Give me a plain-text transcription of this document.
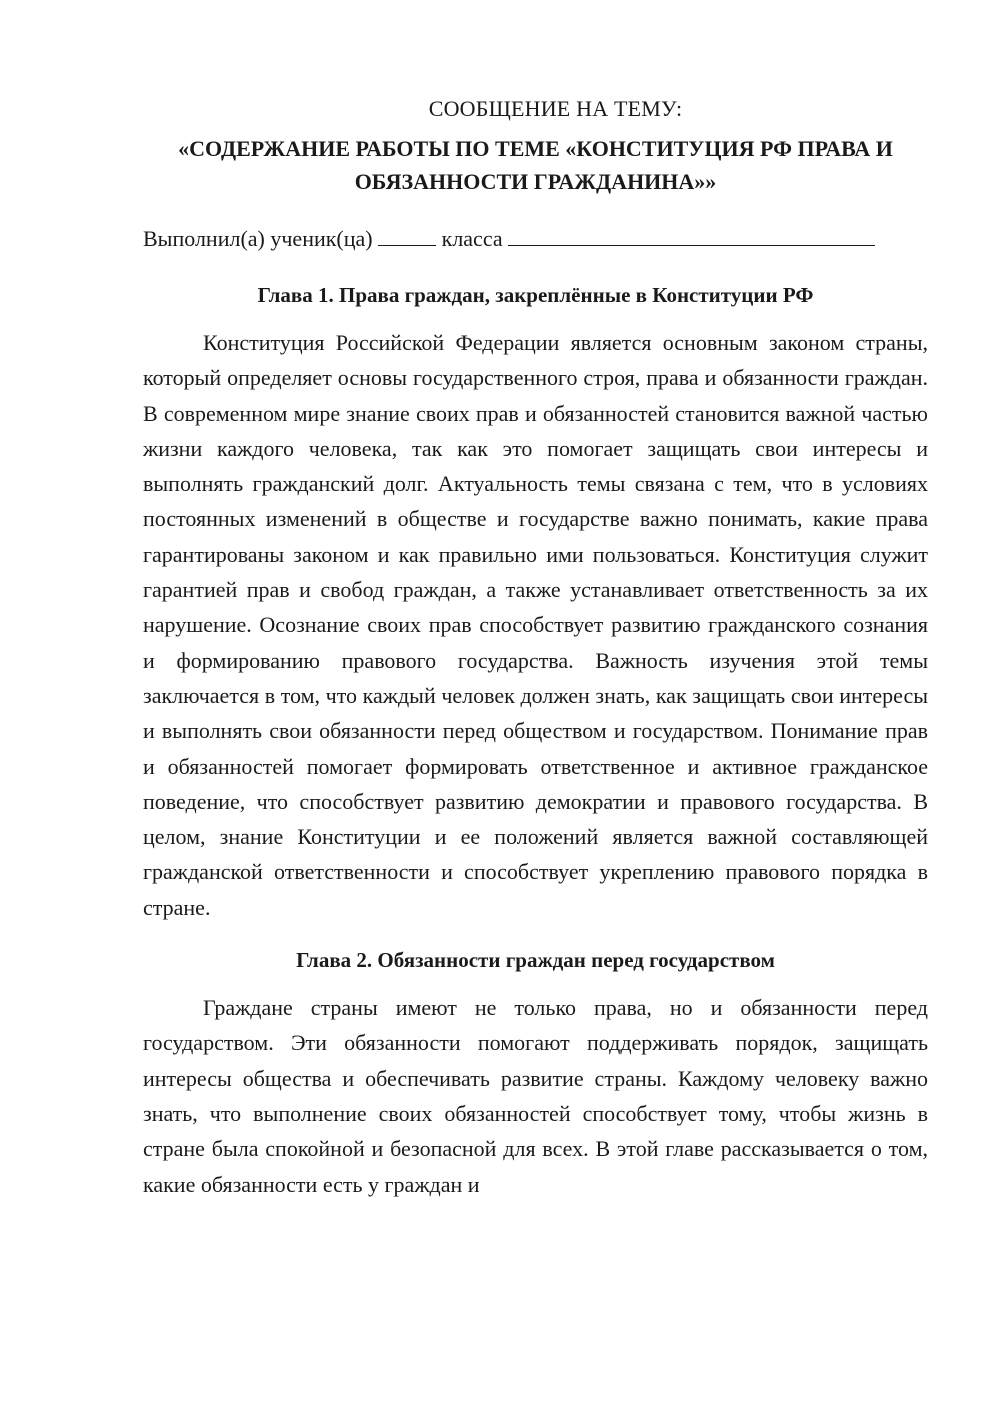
СООБЩЕНИЕ НА ТЕМУ:

«СОДЕРЖАНИЕ РАБОТЫ ПО ТЕМЕ «КОНСТИТУЦИЯ РФ ПРАВА И ОБЯЗАННОСТИ ГРАЖДАНИНА»»
Выполнил(а) ученик(ца)	класса
Глава 1. Права граждан, закреплённые в Конституции РФ

Конституция Российской Федерации является основным законом страны, который определяет основы государственного строя, права и обязанности граждан. В современном мире знание своих прав и обязанностей становится важной частью жизни каждого человека, так как это помогает защищать свои интересы и выполнять гражданский долг. Актуальность темы связана с тем, что в условиях постоянных изменений в обществе и государстве важно понимать, какие права гарантированы законом и как правильно ими пользоваться. Конституция служит гарантией прав и свобод граждан, а также устанавливает ответственность за их нарушение. Осознание своих прав способствует развитию гражданского сознания и формированию правового государства. Важность изучения этой темы заключается в том, что каждый человек должен знать, как защищать свои интересы и выполнять свои обязанности перед обществом и государством. Понимание прав и обязанностей помогает формировать ответственное и активное гражданское поведение, что способствует развитию демократии и правового государства. В целом, знание Конституции и ее положений является важной составляющей гражданской ответственности и способствует укреплению правового порядка в стране.

Глава 2. Обязанности граждан перед государством

Граждане страны имеют не только права, но и обязанности перед государством. Эти обязанности помогают поддерживать порядок, защищать интересы общества и обеспечивать развитие страны. Каждому человеку важно знать, что выполнение своих обязанностей способствует тому, чтобы жизнь в стране была спокойной и безопасной для всех. В этой главе рассказывается о том, какие обязанности есть у граждан и
